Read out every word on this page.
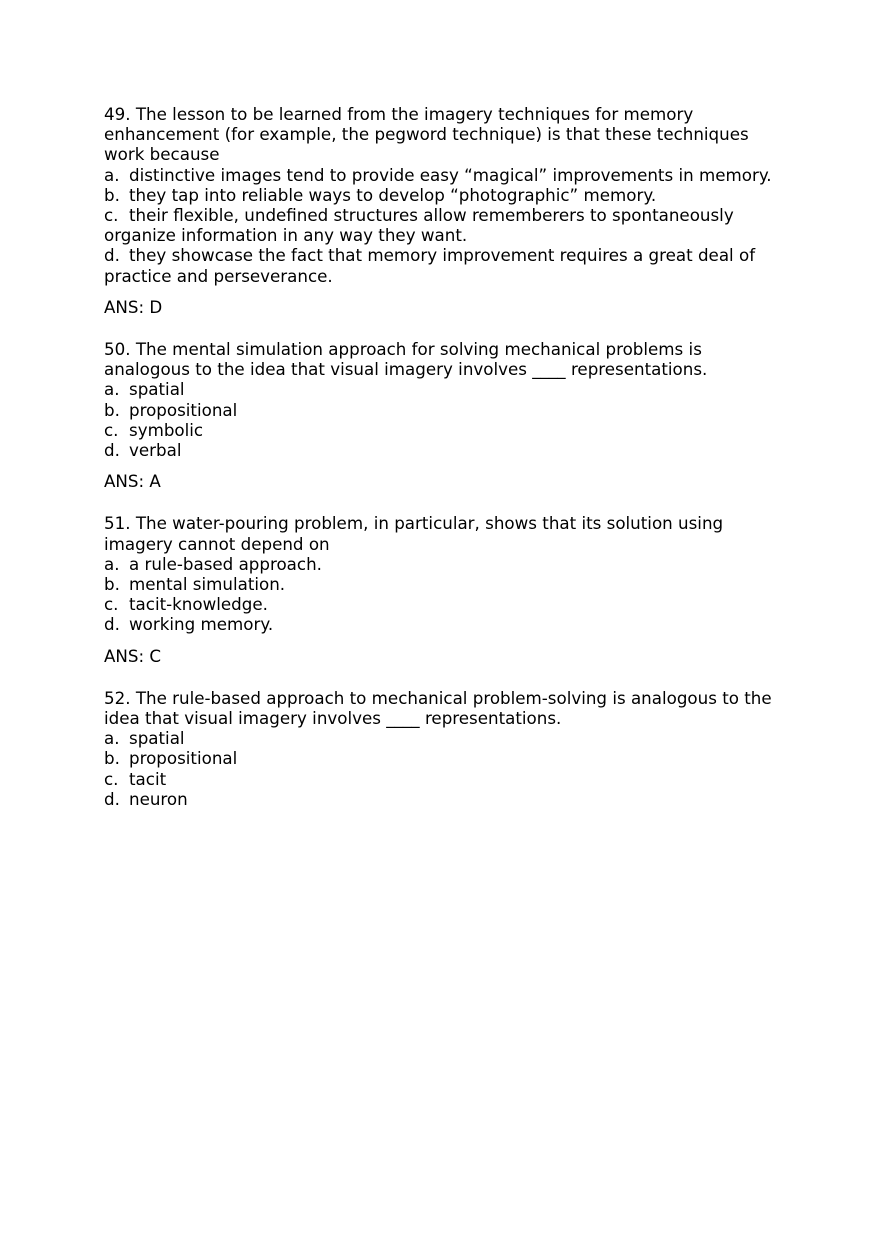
49. The lesson to be learned from the imagery techniques for memory enhancement (for example, the pegword technique) is that these techniques work because

a. distinctive images tend to provide easy “magical” improvements in memory.

b. they tap into reliable ways to develop “photographic” memory.

c. their flexible, undefined structures allow rememberers to spontaneously organize information in any way they want.

d. they showcase the fact that memory improvement requires a great deal of practice and perseverance.

ANS: D

50. The mental simulation approach for solving mechanical problems is analogous to the idea that visual imagery involves ____ representations.

a. spatial

b. propositional

c. symbolic

d. verbal

ANS: A

51. The water-pouring problem, in particular, shows that its solution using imagery cannot depend on

a. a rule-based approach.

b. mental simulation.

c. tacit-knowledge.

d. working memory.

ANS: C

52. The rule-based approach to mechanical problem-solving is analogous to the idea that visual imagery involves ____ representations.

a. spatial

b. propositional

c. tacit

d. neuron
